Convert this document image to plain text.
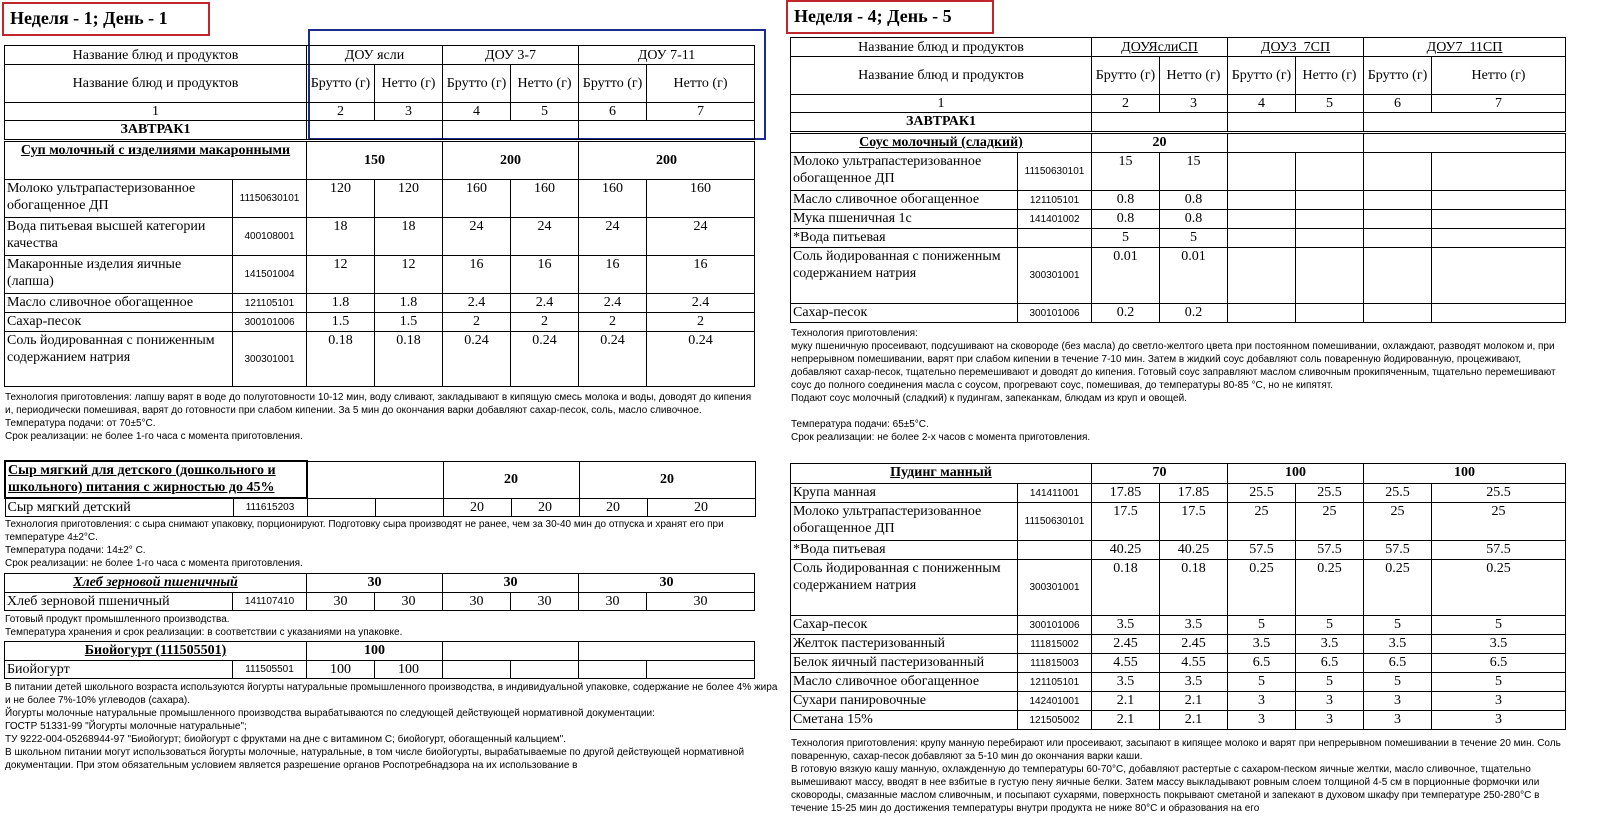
Неделя - 1; День - 1
Название блюд и продуктов	ДОУ ясли		ДОУ 3-7		ДОУ 7-11	
Название блюд и продуктов	Брутто (г)	Нетто (г)	Брутто (г)	Нетто (г)	Брутто (г)	Нетто (г)
1	2	3	4	5	6	7
ЗАВТРАК1						
Суп молочный с изделиями макаронными		150		200		200	
Молоко ультрапастеризованное обогащенное ДП	11150630101	120	120	160	160	160	160
Вода питьевая высшей категории качества	400108001	18	18	24	24	24	24
Макаронные изделия яичные (лапша)	141501004	12	12	16	16	16	16
Масло сливочное обогащенное	121105101	1.8	1.8	2.4	2.4	2.4	2.4
Сахар-песок	300101006	1.5	1.5	2	2	2	2
Соль йодированная с пониженным содержанием натрия	300301001	0.18	0.18	0.24	0.24	0.24	0.24

Технология приготовления: лапшу варят в воде до полуготовности 10-12 мин, воду сливают, закладывают в кипящую смесь молока и воды, доводят до кипения и, периодически помешивая, варят до готовности при слабом кипении. За 5 мин до окончания варки добавляют сахар-песок, соль, масло сливочное.

Температура подачи: от 70±5°С.

Срок реализации: не более 1-го часа с момента приготовления.

Сыр мягкий для детского (дошкольного и школьного) питания с жирностью до 45%				20		20	
Сыр мягкий детский	111615203			20	20	20	20

Технология приготовления: с сыра снимают упаковку, порционируют. Подготовку сыра производят не ранее, чем за 30-40 мин до отпуска и хранят его при температуре 4±2°С.

Температура подачи: 14±2° С.

Срок реализации: не более 1-го часа с момента приготовления.

Хлеб зерновой пшеничный		30		30		30	
Хлеб зерновой пшеничный	141107410	30	30	30	30	30	30

Готовый продукт промышленного производства.

Температура хранения и срок реализации: в соответствии с указаниями на упаковке.

Биойогурт (111505501)		100					
Биойогурт	111505501	100	100				

В питании детей школьного возраста используются йогурты натуральные промышленного производства, в индивидуальной упаковке, содержание не более 4% жира и не более 7%-10% углеводов (сахара).

Йогурты молочные натуральные промышленного производства вырабатываются по следующей действующей нормативной документации:

ГОСТР 51331-99 "Йогурты молочные натуральные";

ТУ 9222-004-05268944-97 "Биойогурт; биойогурт с фруктами на дне с витамином С; биойогурт, обогащенный кальцием".

В школьном питании могут использоваться йогурты молочные, натуральные, в том числе биойогурты, вырабатываемые по другой действующей нормативной документации. При этом обязательным условием является разрешение органов Роспотребнадзора на их использование в

Неделя - 4; День - 5
Название блюд и продуктов	ДОУЯслиСП		ДОУ3_7СП		ДОУ7_11СП	
Название блюд и продуктов	Брутто (г)	Нетто (г)	Брутто (г)	Нетто (г)	Брутто (г)	Нетто (г)
1	2	3	4	5	6	7
ЗАВТРАК1						
Соус молочный (сладкий)		20					
Молоко ультрапастеризованное обогащенное ДП	11150630101	15	15				
Масло сливочное обогащенное	121105101	0.8	0.8				
Мука пшеничная 1с	141401002	0.8	0.8				
*Вода питьевая		5	5				
Соль йодированная с пониженным содержанием натрия	300301001	0.01	0.01				
Сахар-песок	300101006	0.2	0.2				

Технология приготовления:

муку пшеничную просеивают, подсушивают на сковороде (без масла) до светло-желтого цвета при постоянном помешивании, охлаждают, разводят молоком и, при непрерывном помешивании, варят при слабом кипении в течение 7-10 мин. Затем в жидкий соус добавляют соль поваренную йодированную, процеживают, добавляют сахар-песок, тщательно перемешивают и доводят до кипения. Готовый соус заправляют маслом сливочным прокипяченным, тщательно перемешивают соус до полного соединения масла с соусом, прогревают соус, помешивая, до температуры 80-85 °С, но не кипятят.

Подают соус молочный (сладкий) к пудингам, запеканкам, блюдам из круп и овощей.

Температура подачи: 65±5°С.

Срок реализации: не более 2-х часов с момента приготовления.

Пудинг манный		70		100		100	
Крупа манная	141411001	17.85	17.85	25.5	25.5	25.5	25.5
Молоко ультрапастеризованное обогащенное ДП	11150630101	17.5	17.5	25	25	25	25
*Вода питьевая		40.25	40.25	57.5	57.5	57.5	57.5
Соль йодированная с пониженным содержанием натрия	300301001	0.18	0.18	0.25	0.25	0.25	0.25
Сахар-песок	300101006	3.5	3.5	5	5	5	5
Желток пастеризованный	111815002	2.45	2.45	3.5	3.5	3.5	3.5
Белок яичный пастеризованный	111815003	4.55	4.55	6.5	6.5	6.5	6.5
Масло сливочное обогащенное	121105101	3.5	3.5	5	5	5	5
Сухари панировочные	142401001	2.1	2.1	3	3	3	3
Сметана 15%	121505002	2.1	2.1	3	3	3	3

Технология приготовления: крупу манную перебирают или просеивают, засыпают в кипящее молоко и варят при непрерывном помешивании в течение 20 мин. Соль поваренную, сахар-песок добавляют за 5-10 мин до окончания варки каши.

В готовую вязкую кашу манную, охлажденную до температуры 60-70°С, добавляют растертые с сахаром-песком яичные желтки, масло сливочное, тщательно вымешивают массу, вводят в нее взбитые в густую пену яичные белки. Затем массу выкладывают ровным слоем толщиной 4-5 см в порционные формочки или сковороды, смазанные маслом сливочным, и посыпают сухарями, поверхность покрывают сметаной и запекают в духовом шкафу при температуре 250-280°С в течение 15-25 мин до достижения температуры внутри продукта не ниже 80°С и образования на его
